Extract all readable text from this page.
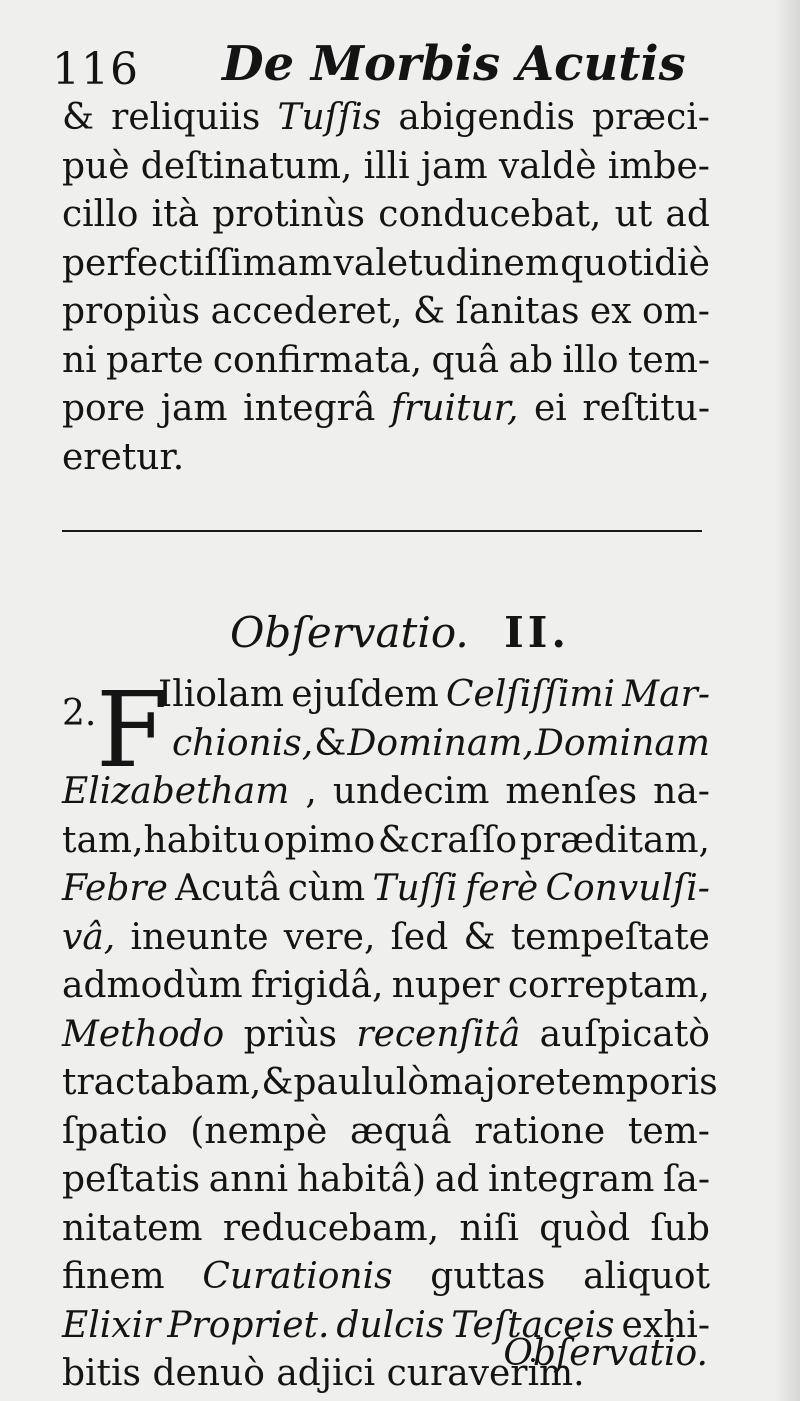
116 De Morbis Acutis
& reliquiis Tuſſis abigendis præci-
puè deſtinatum, illi jam valdè imbe-
cillo ità protinùs conducebat, ut ad
perfectiſſimam valetudinem quotidiè
propiùs accederet, & ſanitas ex om-
ni parte confirmata, quâ ab illo tem-
pore jam integrâ fruitur, ei reſtitu-
eretur.
Obſervatio. II.
2. F
Iliolam ejuſdem Celſiſſimi Mar-
chionis, & Dominam, Dominam
Elizabetham , undecim menſes na-
tam,habitu opimo &craſſo præditam,
Febre Acutâ cùm Tuſſi ferè Convulſi-
vâ, ineunte vere, ſed & tempeſtate
admodùm frigidâ, nuper correptam,
Methodo priùs recenſitâ auſpicatò
tractabam,& paululò majore temporis
ſpatio (nempè æquâ ratione tem-
peſtatis anni habitâ) ad integram ſa-
nitatem reducebam, niſi quòd ſub
finem Curationis guttas aliquot
Elixir Propriet. dulcis Teſtaceis exhi-
bitis denuò adjici curaverim.
Obſervatio.
